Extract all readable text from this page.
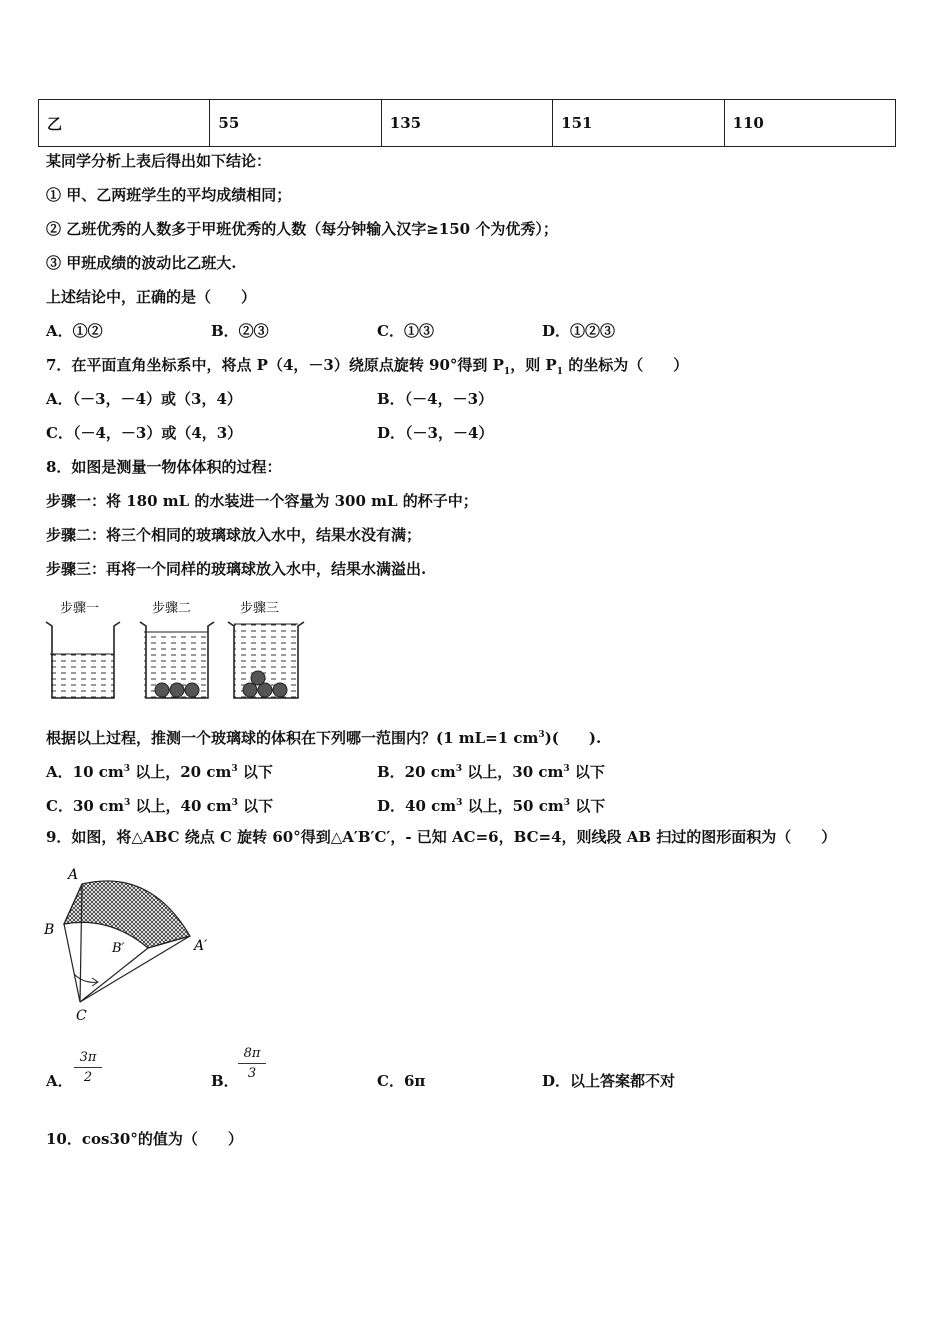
乙	55	135	151	110
某同学分析上表后得出如下结论：
① 甲、乙两班学生的平均成绩相同；
② 乙班优秀的人数多于甲班优秀的人数（每分钟输入汉字≥150 个为优秀）；
③ 甲班成绩的波动比乙班大.
上述结论中，正确的是（　　）
A．①②	B．②③	C．①③	D．①②③
7．在平面直角坐标系中，将点 P（4，－3）绕原点旋转 90°得到 $P_1$，则 $P_1$ 的坐标为（　　）
A．（－3，－4）或（3，4）	B．（－4，－3）
C．（－4，－3）或（4，3）	D．（－3，－4）
8．如图是测量一物体体积的过程：
步骤一：将 180 mL 的水装进一个容量为 300 mL 的杯子中；
步骤二：将三个相同的玻璃球放入水中，结果水没有满；
步骤三：再将一个同样的玻璃球放入水中，结果水满溢出.
步骤一	步骤二	步骤三
根据以上过程，推测一个玻璃球的体积在下列哪一范围内？(1 mL=1 $cm^3$)(　　).
A．10 $cm^3$ 以上，20 $cm^3$ 以下	B．20 $cm^3$ 以上，30 $cm^3$ 以下
C．30 $cm^3$ 以上，40 $cm^3$ 以下	D．40 $cm^3$ 以上，50 $cm^3$ 以下
9．如图，将△ABC 绕点 C 旋转 60°得到△A′B′C′，- 已知 AC=6，BC=4，则线段 AB 扫过的图形面积为（　　）
A
B
C
B′	A′
A．
3π
2	B．
8π
3	C．6π	D．以上答案都不对
10．cos30°的值为（　　）
